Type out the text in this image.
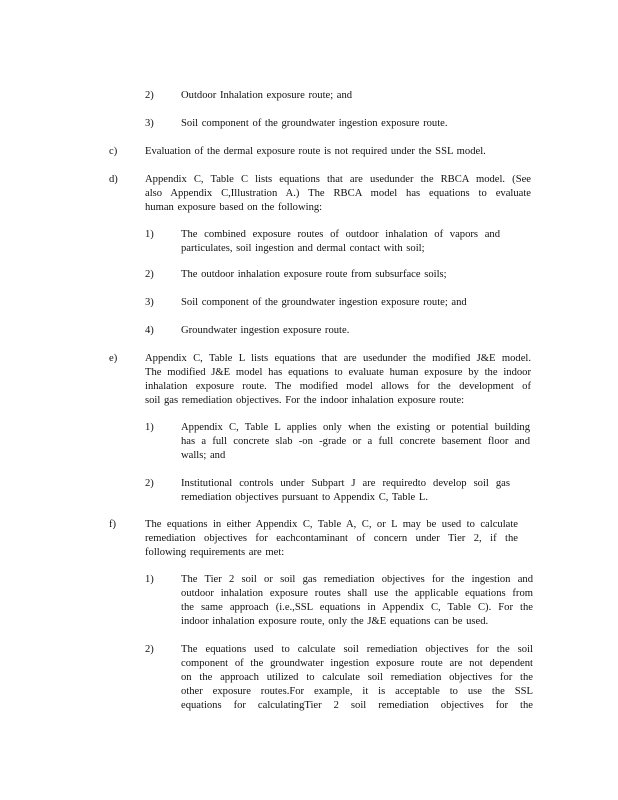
2)	Outdoor Inhalation exposure route; and
3)	Soil component of the groundwater ingestion exposure route.
c)	Evaluation of the dermal exposure route is not required under the SSL model.
d)	Appendix C, Table C lists equations that are usedunder the RBCA model. (See
also Appendix C,Illustration A.) The RBCA model has equations to evaluate
human exposure based on the following:
1)	The combined exposure routes of outdoor inhalation of vapors and
particulates, soil ingestion and dermal contact with soil;
2)	The outdoor inhalation exposure route from subsurface soils;
3)	Soil component of the groundwater ingestion exposure route; and
4)	Groundwater ingestion exposure route.
e)	Appendix C, Table L lists equations that are usedunder the modified J&E model.
The modified J&E model has equations to evaluate human exposure by the indoor
inhalation exposure route. The modified model allows for the development of
soil gas remediation objectives. For the indoor inhalation exposure route:
1)	Appendix C, Table L applies only when the existing or potential building
has a full concrete slab -on -grade or a full concrete basement floor and
walls; and
2)	Institutional controls under Subpart J are requiredto develop soil gas
remediation objectives pursuant to Appendix C, Table L.
f)	The equations in either Appendix C, Table A, C, or L may be used to calculate
remediation objectives for eachcontaminant of concern under Tier 2, if the
following requirements are met:
1)	The Tier 2 soil or soil gas remediation objectives for the ingestion and
outdoor inhalation exposure routes shall use the applicable equations from
the same approach (i.e.,SSL equations in Appendix C, Table C). For the
indoor inhalation exposure route, only the J&E equations can be used.
2)	The equations used to calculate soil remediation objectives for the soil
component of the groundwater ingestion exposure route are not dependent
on the approach utilized to calculate soil remediation objectives for the
other exposure routes.For example, it is acceptable to use the SSL
equations for calculatingTier 2 soil remediation objectives for the
